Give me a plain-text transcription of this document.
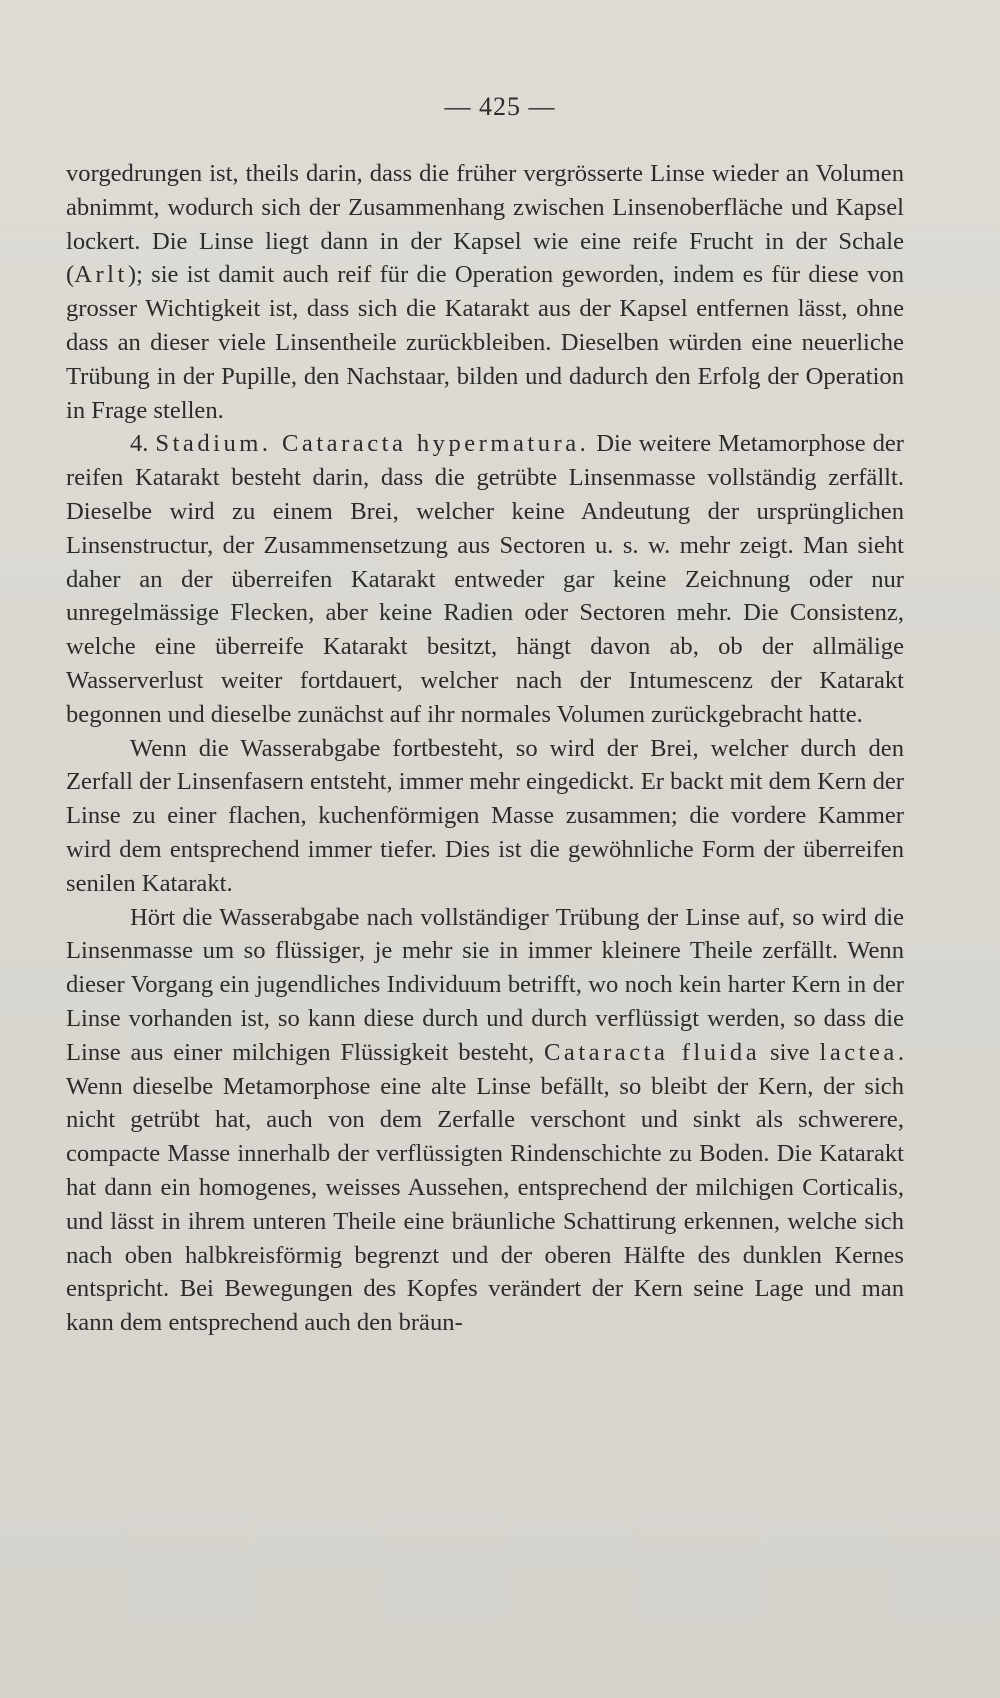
— 425 —

vorgedrungen ist, theils darin, dass die früher vergrösserte Linse wieder an Volumen abnimmt, wodurch sich der Zusammenhang zwischen Linsenoberfläche und Kapsel lockert. Die Linse liegt dann in der Kapsel wie eine reife Frucht in der Schale (Arlt); sie ist damit auch reif für die Operation geworden, indem es für diese von grosser Wichtigkeit ist, dass sich die Katarakt aus der Kapsel entfernen lässt, ohne dass an dieser viele Linsentheile zurückbleiben. Dieselben würden eine neuerliche Trübung in der Pupille, den Nachstaar, bilden und dadurch den Erfolg der Operation in Frage stellen.

4. Stadium. Cataracta hypermatura. Die weitere Metamorphose der reifen Katarakt besteht darin, dass die getrübte Linsenmasse vollständig zerfällt. Dieselbe wird zu einem Brei, welcher keine Andeutung der ursprünglichen Linsenstructur, der Zusammensetzung aus Sectoren u. s. w. mehr zeigt. Man sieht daher an der überreifen Katarakt entweder gar keine Zeichnung oder nur unregelmässige Flecken, aber keine Radien oder Sectoren mehr. Die Consistenz, welche eine überreife Katarakt besitzt, hängt davon ab, ob der allmälige Wasserverlust weiter fortdauert, welcher nach der Intumescenz der Katarakt begonnen und dieselbe zunächst auf ihr normales Volumen zurückgebracht hatte.

Wenn die Wasserabgabe fortbesteht, so wird der Brei, welcher durch den Zerfall der Linsenfasern entsteht, immer mehr eingedickt. Er backt mit dem Kern der Linse zu einer flachen, kuchenförmigen Masse zusammen; die vordere Kammer wird dem entsprechend immer tiefer. Dies ist die gewöhnliche Form der überreifen senilen Katarakt.

Hört die Wasserabgabe nach vollständiger Trübung der Linse auf, so wird die Linsenmasse um so flüssiger, je mehr sie in immer kleinere Theile zerfällt. Wenn dieser Vorgang ein jugendliches Individuum betrifft, wo noch kein harter Kern in der Linse vorhanden ist, so kann diese durch und durch verflüssigt werden, so dass die Linse aus einer milchigen Flüssigkeit besteht, Cataracta fluida sive lactea. Wenn dieselbe Metamorphose eine alte Linse befällt, so bleibt der Kern, der sich nicht getrübt hat, auch von dem Zerfalle verschont und sinkt als schwerere, compacte Masse innerhalb der verflüssigten Rindenschichte zu Boden. Die Katarakt hat dann ein homogenes, weisses Aussehen, entsprechend der milchigen Corticalis, und lässt in ihrem unteren Theile eine bräunliche Schattirung erkennen, welche sich nach oben halbkreisförmig begrenzt und der oberen Hälfte des dunklen Kernes entspricht. Bei Bewegungen des Kopfes verändert der Kern seine Lage und man kann dem entsprechend auch den bräun-
